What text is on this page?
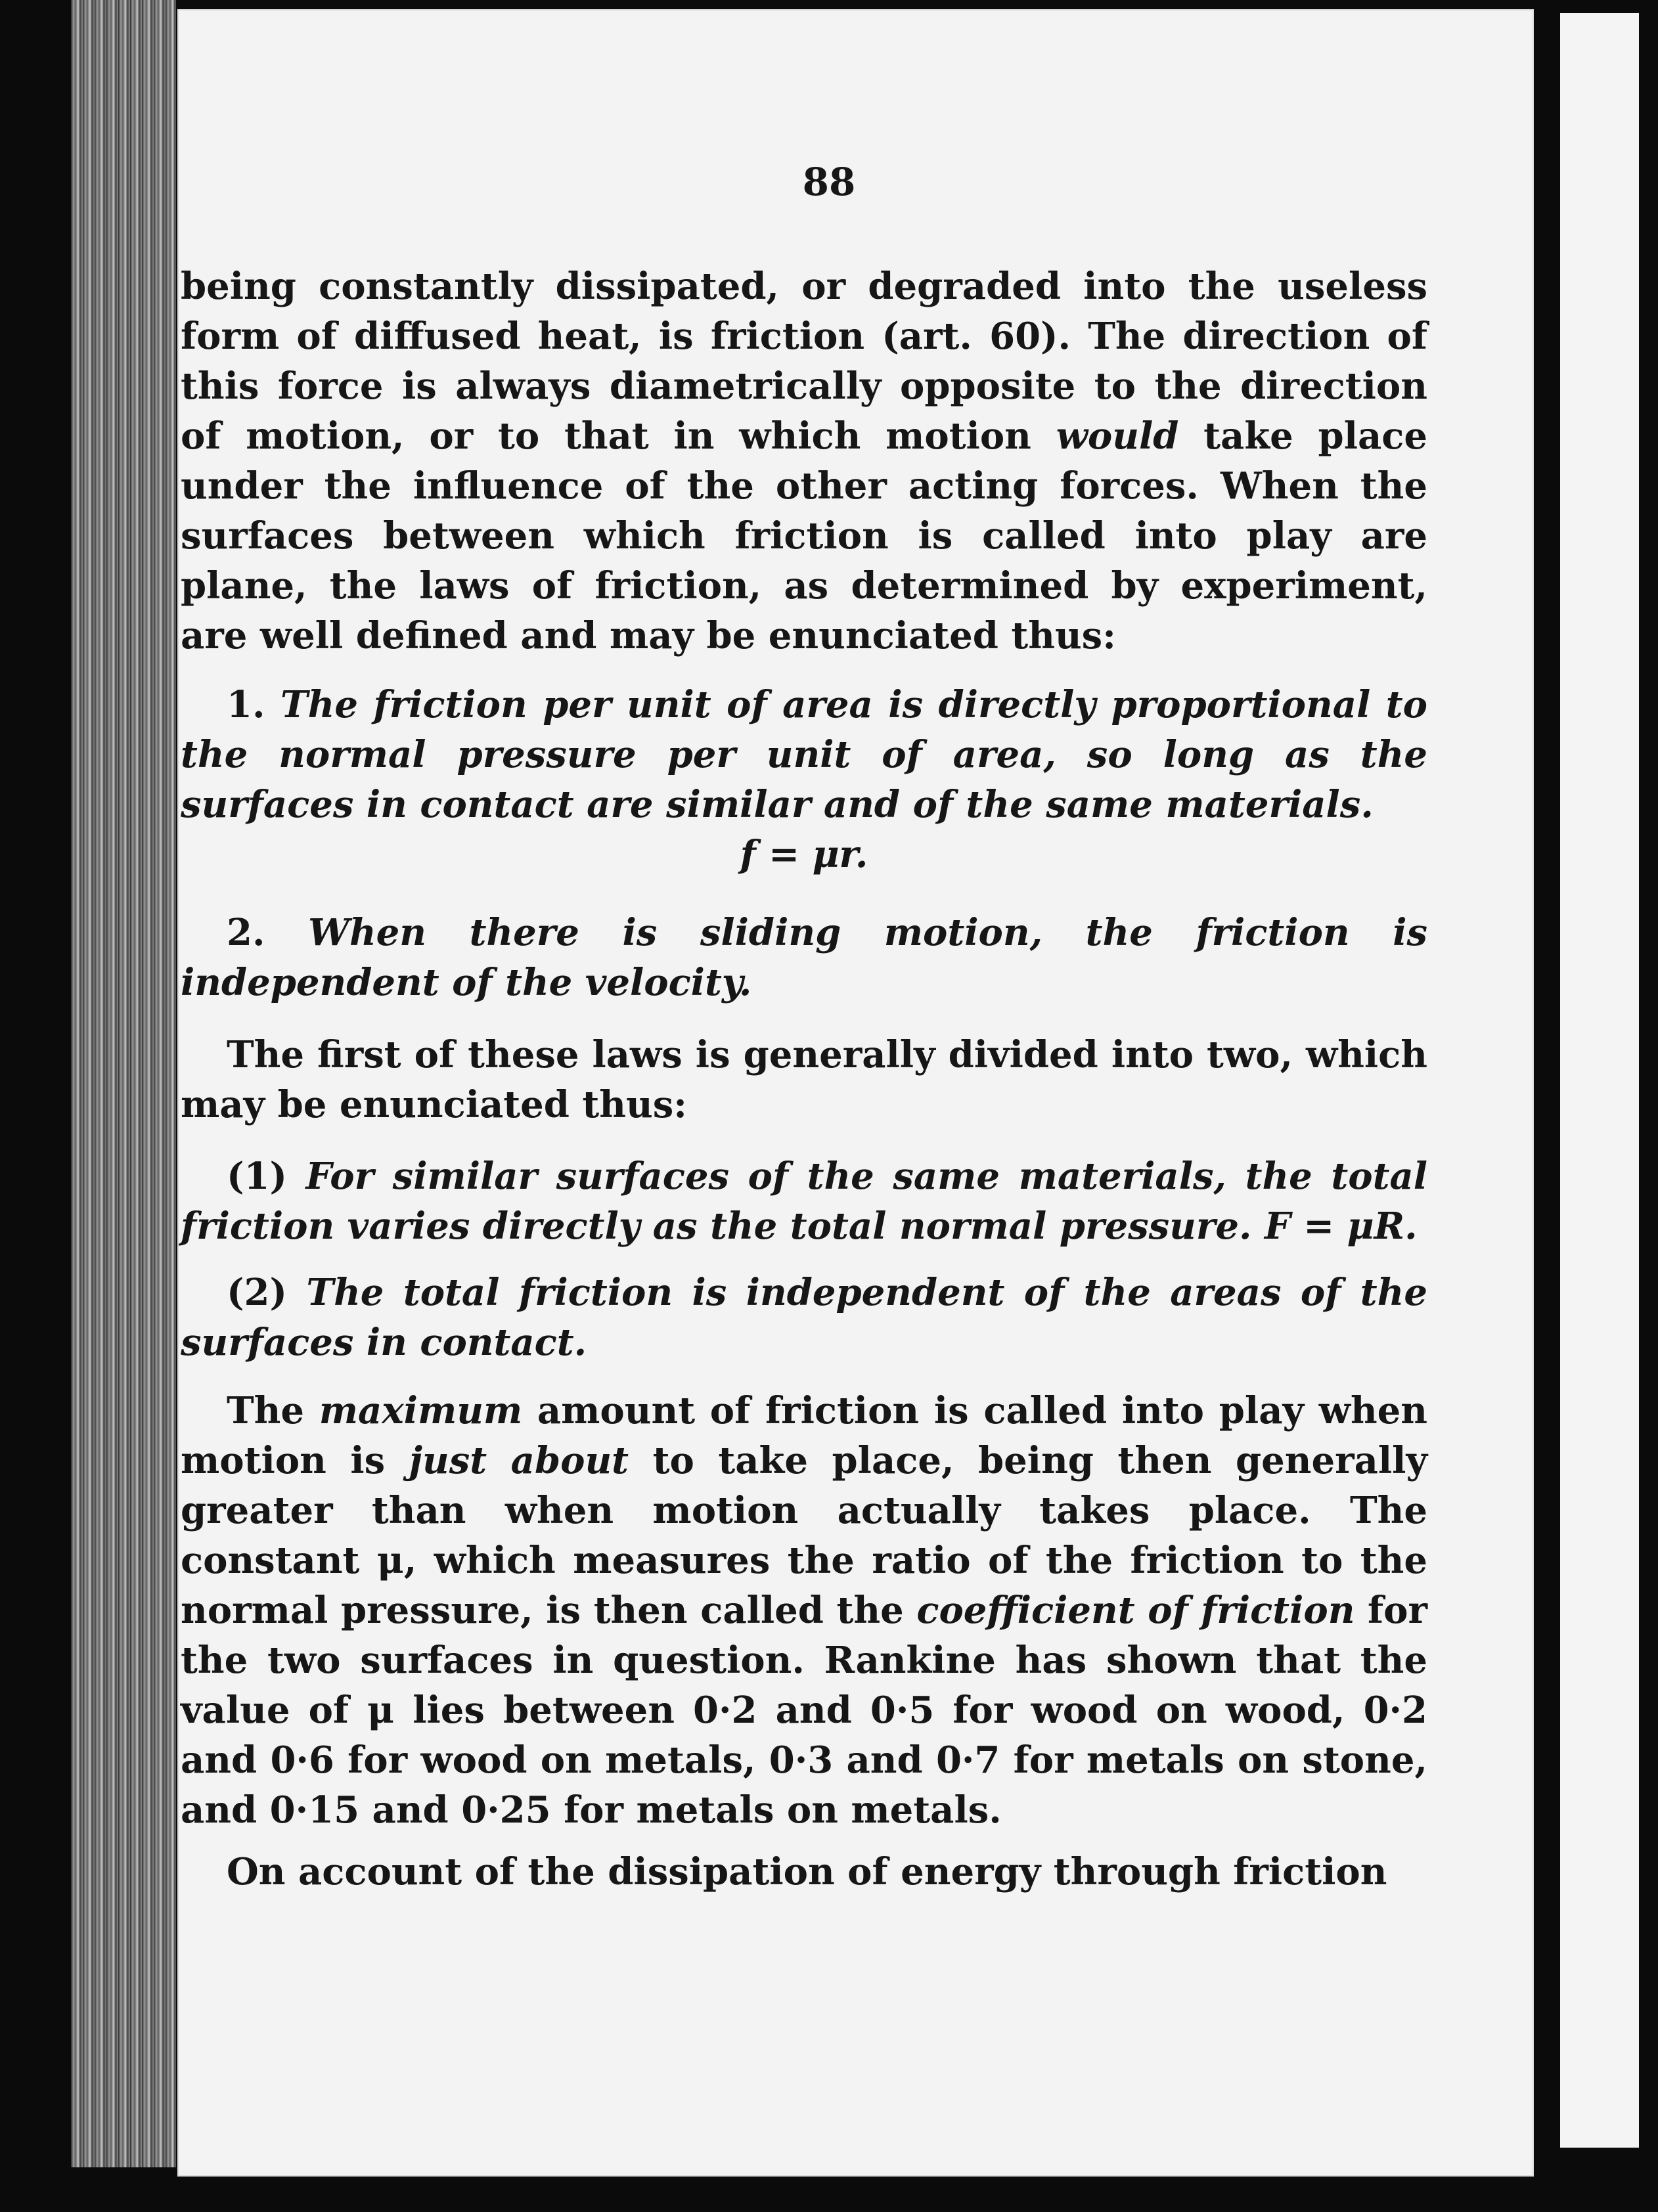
88

being constantly dissipated, or degraded into the useless form of diffused heat, is friction (art. 60). The direction of this force is always diametrically opposite to the direction of motion, or to that in which motion would take place under the influence of the other acting forces. When the surfaces between which friction is called into play are plane, the laws of friction, as determined by experiment, are well defined and may be enunciated thus:

1. The friction per unit of area is directly proportional to the normal pressure per unit of area, so long as the surfaces in contact are similar and of the same materials.

f = μr.

2. When there is sliding motion, the friction is independent of the velocity.

The first of these laws is generally divided into two, which may be enunciated thus:

(1) For similar surfaces of the same materials, the total friction varies directly as the total normal pressure. F = μR.

(2) The total friction is independent of the areas of the surfaces in contact.

The maximum amount of friction is called into play when motion is just about to take place, being then generally greater than when motion actually takes place. The constant μ, which measures the ratio of the friction to the normal pressure, is then called the coefficient of friction for the two surfaces in question. Rankine has shown that the value of μ lies between 0·2 and 0·5 for wood on wood, 0·2 and 0·6 for wood on metals, 0·3 and 0·7 for metals on stone, and 0·15 and 0·25 for metals on metals.

On account of the dissipation of energy through friction
